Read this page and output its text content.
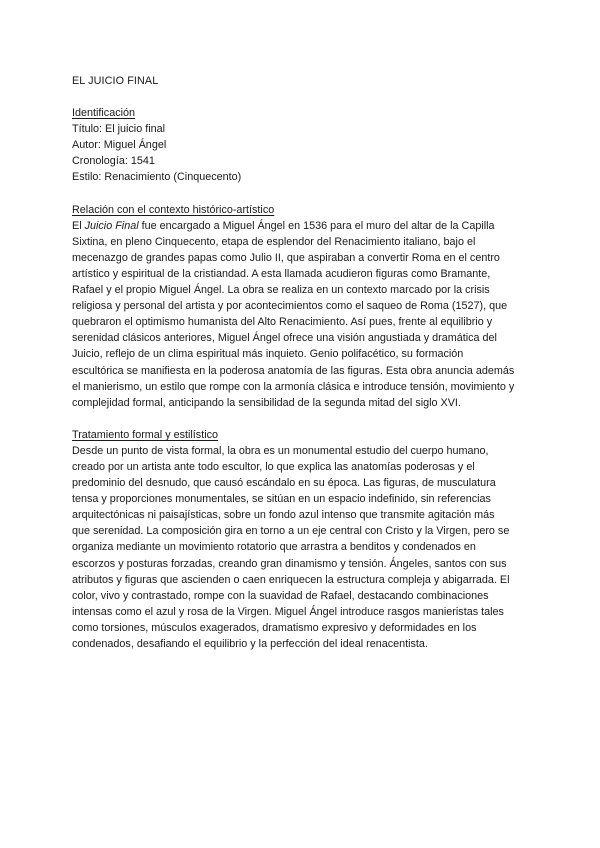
EL JUICIO FINAL

Identificación

Título: El juicio final

Autor: Miguel Ángel

Cronología: 1541

Estilo: Renacimiento (Cinquecento)

Relación con el contexto histórico-artístico

El Juicio Final fue encargado a Miguel Ángel en 1536 para el muro del altar de la Capilla
Sixtina, en pleno Cinquecento, etapa de esplendor del Renacimiento italiano, bajo el
mecenazgo de grandes papas como Julio II, que aspiraban a convertir Roma en el centro
artístico y espiritual de la cristiandad. A esta llamada acudieron figuras como Bramante,
Rafael y el propio Miguel Ángel. La obra se realiza en un contexto marcado por la crisis
religiosa y personal del artista y por acontecimientos como el saqueo de Roma (1527), que
quebraron el optimismo humanista del Alto Renacimiento. Así pues, frente al equilibrio y
serenidad clásicos anteriores, Miguel Ángel ofrece una visión angustiada y dramática del
Juicio, reflejo de un clima espiritual más inquieto. Genio polifacético, su formación
escultórica se manifiesta en la poderosa anatomía de las figuras. Esta obra anuncia además
el manierismo, un estilo que rompe con la armonía clásica e introduce tensión, movimiento y
complejidad formal, anticipando la sensibilidad de la segunda mitad del siglo XVI.

Tratamiento formal y estilístico

Desde un punto de vista formal, la obra es un monumental estudio del cuerpo humano,
creado por un artista ante todo escultor, lo que explica las anatomías poderosas y el
predominio del desnudo, que causó escándalo en su época. Las figuras, de musculatura
tensa y proporciones monumentales, se sitúan en un espacio indefinido, sin referencias
arquitectónicas ni paisajísticas, sobre un fondo azul intenso que transmite agitación más
que serenidad. La composición gira en torno a un eje central con Cristo y la Virgen, pero se
organiza mediante un movimiento rotatorio que arrastra a benditos y condenados en
escorzos y posturas forzadas, creando gran dinamismo y tensión. Ángeles, santos con sus
atributos y figuras que ascienden o caen enriquecen la estructura compleja y abigarrada. El
color, vivo y contrastado, rompe con la suavidad de Rafael, destacando combinaciones
intensas como el azul y rosa de la Virgen. Miguel Ángel introduce rasgos manieristas tales
como torsiones, músculos exagerados, dramatismo expresivo y deformidades en los
condenados, desafiando el equilibrio y la perfección del ideal renacentista.
